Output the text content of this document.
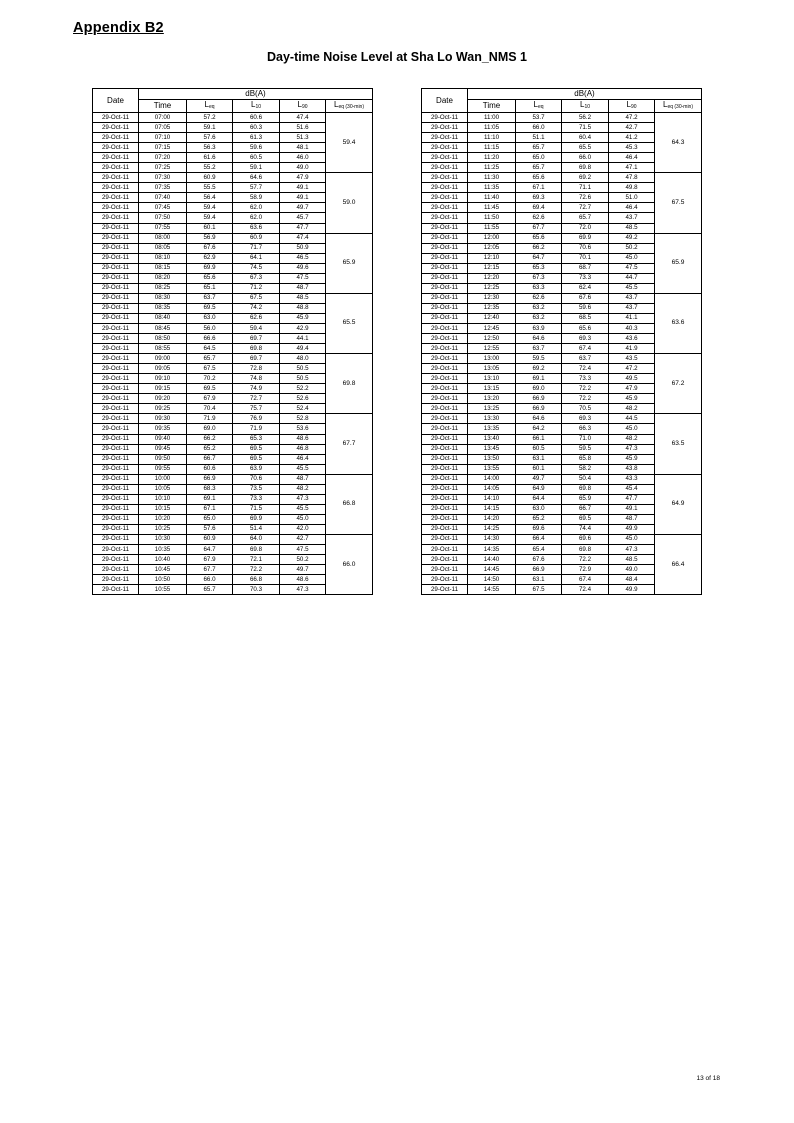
Appendix B2
Day-time Noise Level at Sha Lo Wan_NMS 1
Date	dB(A)				
	Time	$L_{eq}$	$L_{10}$	$L_{90}$	$L_{eq (30-min)}$
29-Oct-11	07:00	57.2	60.6	47.4	59.4
29-Oct-11	07:05	59.1	60.3	51.6	
29-Oct-11	07:10	57.6	61.3	51.3	
29-Oct-11	07:15	56.3	59.6	48.1	
29-Oct-11	07:20	61.6	60.5	46.0	
29-Oct-11	07:25	55.2	59.1	49.0	
29-Oct-11	07:30	60.9	64.6	47.9	59.0
29-Oct-11	07:35	55.5	57.7	49.1	
29-Oct-11	07:40	56.4	58.9	49.1	
29-Oct-11	07:45	59.4	62.0	49.7	
29-Oct-11	07:50	59.4	62.0	45.7	
29-Oct-11	07:55	60.1	63.6	47.7	
29-Oct-11	08:00	56.9	60.9	47.4	65.9
29-Oct-11	08:05	67.6	71.7	50.9	
29-Oct-11	08:10	62.9	64.1	46.5	
29-Oct-11	08:15	69.9	74.5	49.6	
29-Oct-11	08:20	65.6	67.3	47.5	
29-Oct-11	08:25	65.1	71.2	48.7	
29-Oct-11	08:30	63.7	67.5	48.5	65.5
29-Oct-11	08:35	69.5	74.2	48.8	
29-Oct-11	08:40	63.0	62.6	45.9	
29-Oct-11	08:45	56.0	59.4	42.9	
29-Oct-11	08:50	66.6	69.7	44.1	
29-Oct-11	08:55	64.5	69.8	49.4	
29-Oct-11	09:00	65.7	69.7	48.0	69.8
29-Oct-11	09:05	67.5	72.8	50.5	
29-Oct-11	09:10	70.2	74.8	50.5	
29-Oct-11	09:15	69.5	74.9	52.2	
29-Oct-11	09:20	67.9	72.7	52.6	
29-Oct-11	09:25	70.4	75.7	52.4	
29-Oct-11	09:30	71.9	76.9	52.8	67.7
29-Oct-11	09:35	69.0	71.9	53.6	
29-Oct-11	09:40	66.2	65.3	48.6	
29-Oct-11	09:45	65.2	69.5	46.8	
29-Oct-11	09:50	66.7	69.5	46.4	
29-Oct-11	09:55	60.6	63.9	45.5	
29-Oct-11	10:00	66.9	70.6	48.7	66.8
29-Oct-11	10:05	68.3	73.5	48.2	
29-Oct-11	10:10	69.1	73.3	47.3	
29-Oct-11	10:15	67.1	71.5	45.5	
29-Oct-11	10:20	65.0	69.9	45.0	
29-Oct-11	10:25	57.6	51.4	42.0	
29-Oct-11	10:30	60.9	64.0	42.7	66.0
29-Oct-11	10:35	64.7	69.8	47.5	
29-Oct-11	10:40	67.9	72.1	50.2	
29-Oct-11	10:45	67.7	72.2	49.7	
29-Oct-11	10:50	66.0	66.8	48.6	
29-Oct-11	10:55	65.7	70.3	47.3	
Date	dB(A)				
	Time	$L_{eq}$	$L_{10}$	$L_{90}$	$L_{eq (30-min)}$
29-Oct-11	11:00	53.7	56.2	47.2	64.3
29-Oct-11	11:05	66.0	71.5	42.7	
29-Oct-11	11:10	51.1	60.4	41.2	
29-Oct-11	11:15	65.7	65.5	45.3	
29-Oct-11	11:20	65.0	66.0	46.4	
29-Oct-11	11:25	65.7	69.8	47.1	
29-Oct-11	11:30	65.6	69.2	47.8	67.5
29-Oct-11	11:35	67.1	71.1	49.8	
29-Oct-11	11:40	69.3	72.6	51.0	
29-Oct-11	11:45	69.4	72.7	46.4	
29-Oct-11	11:50	62.6	65.7	43.7	
29-Oct-11	11:55	67.7	72.0	48.5	
29-Oct-11	12:00	65.6	69.9	49.2	65.9
29-Oct-11	12:05	66.2	70.6	50.2	
29-Oct-11	12:10	64.7	70.1	45.0	
29-Oct-11	12:15	65.3	68.7	47.5	
29-Oct-11	12:20	67.3	73.3	44.7	
29-Oct-11	12:25	63.3	62.4	45.5	
29-Oct-11	12:30	62.6	67.6	43.7	63.6
29-Oct-11	12:35	63.2	59.6	43.7	
29-Oct-11	12:40	63.2	68.5	41.1	
29-Oct-11	12:45	63.9	65.6	40.3	
29-Oct-11	12:50	64.6	69.3	43.6	
29-Oct-11	12:55	63.7	67.4	41.9	
29-Oct-11	13:00	59.5	63.7	43.5	67.2
29-Oct-11	13:05	69.2	72.4	47.2	
29-Oct-11	13:10	69.1	73.3	49.5	
29-Oct-11	13:15	69.0	72.2	47.9	
29-Oct-11	13:20	66.9	72.2	45.9	
29-Oct-11	13:25	66.9	70.5	48.2	
29-Oct-11	13:30	64.6	69.3	44.5	63.5
29-Oct-11	13:35	64.2	66.3	45.0	
29-Oct-11	13:40	66.1	71.0	48.2	
29-Oct-11	13:45	60.5	59.5	47.3	
29-Oct-11	13:50	63.1	65.8	45.9	
29-Oct-11	13:55	60.1	58.2	43.8	
29-Oct-11	14:00	49.7	50.4	43.3	64.9
29-Oct-11	14:05	64.9	69.8	45.4	
29-Oct-11	14:10	64.4	65.9	47.7	
29-Oct-11	14:15	63.0	66.7	49.1	
29-Oct-11	14:20	65.2	69.5	48.7	
29-Oct-11	14:25	69.6	74.4	49.9	
29-Oct-11	14:30	66.4	69.6	45.0	66.4
29-Oct-11	14:35	65.4	69.8	47.3	
29-Oct-11	14:40	67.6	72.2	48.5	
29-Oct-11	14:45	66.9	72.9	49.0	
29-Oct-11	14:50	63.1	67.4	48.4	
29-Oct-11	14:55	67.5	72.4	49.9	
13 of 18
